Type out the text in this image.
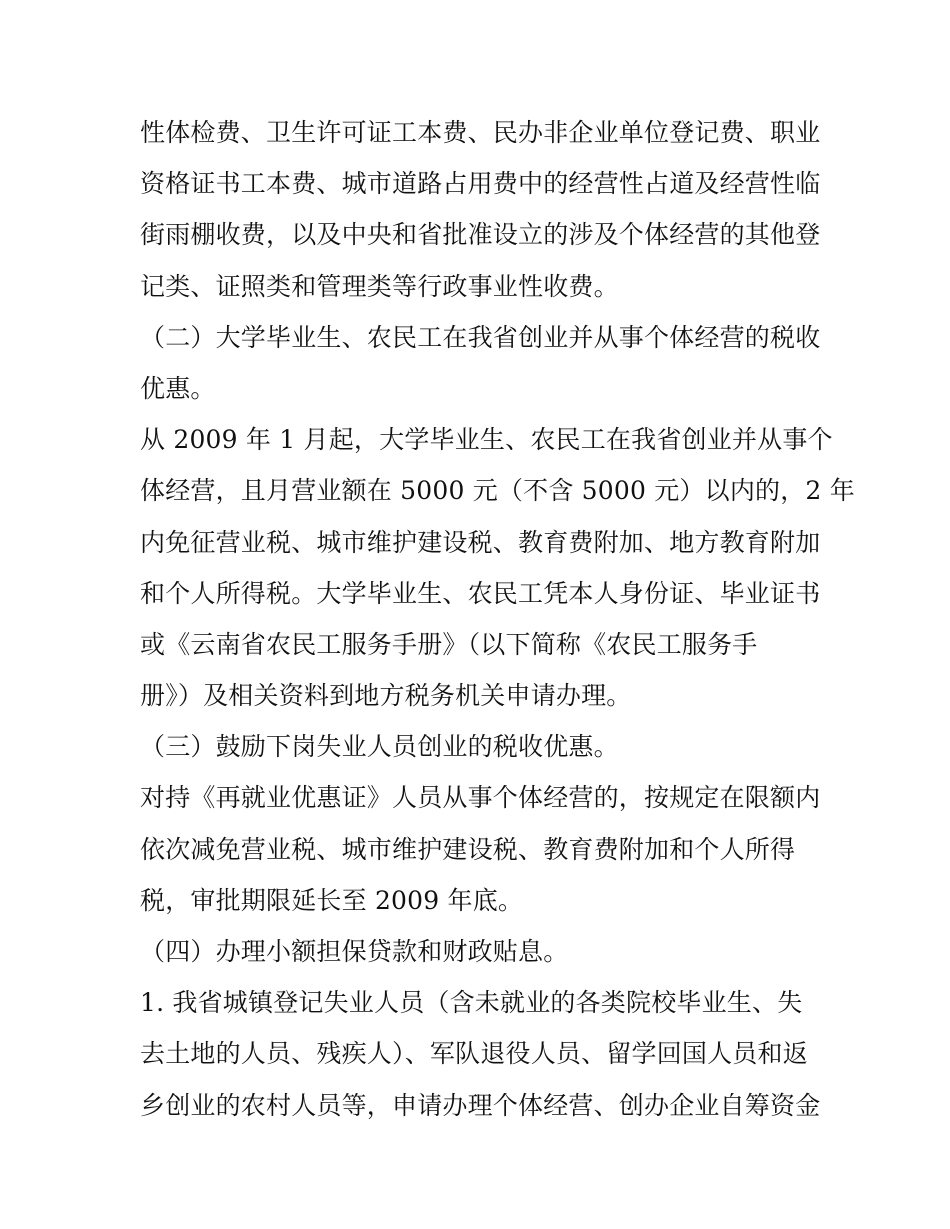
性体检费、卫生许可证工本费、民办非企业单位登记费、职业
资格证书工本费、城市道路占用费中的经营性占道及经营性临
街雨棚收费，以及中央和省批准设立的涉及个体经营的其他登
记类、证照类和管理类等行政事业性收费。
（二）大学毕业生、农民工在我省创业并从事个体经营的税收
优惠。
从 2009 年 1 月起，大学毕业生、农民工在我省创业并从事个
体经营，且月营业额在 5000 元（不含 5000 元）以内的，2 年
内免征营业税、城市维护建设税、教育费附加、地方教育附加
和个人所得税。大学毕业生、农民工凭本人身份证、毕业证书
或《云南省农民工服务手册》（以下简称《农民工服务手
册》）及相关资料到地方税务机关申请办理。
（三）鼓励下岗失业人员创业的税收优惠。
对持《再就业优惠证》人员从事个体经营的，按规定在限额内
依次减免营业税、城市维护建设税、教育费附加和个人所得
税，审批期限延长至 2009 年底。
（四）办理小额担保贷款和财政贴息。
1. 我省城镇登记失业人员（含未就业的各类院校毕业生、失
去土地的人员、残疾人）、军队退役人员、留学回国人员和返
乡创业的农村人员等，申请办理个体经营、创办企业自筹资金
